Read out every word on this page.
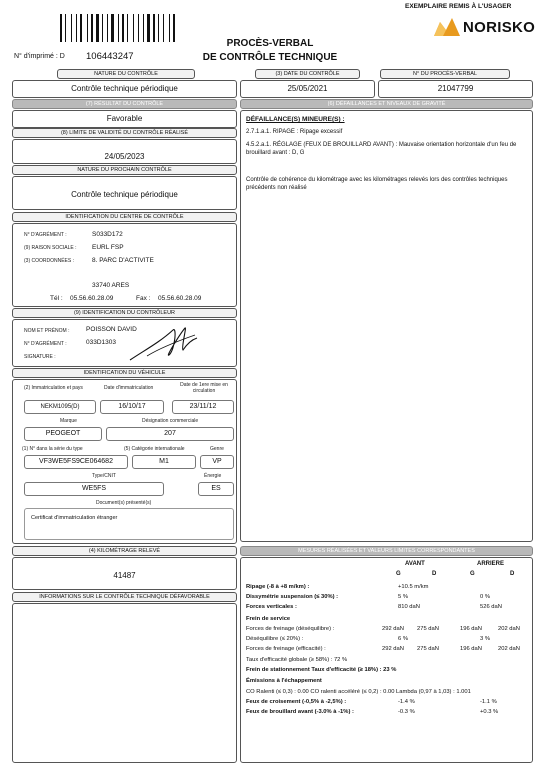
EXEMPLAIRE REMIS À L'USAGER
NORISKO
PROCÈS-VERBAL
DE CONTRÔLE TECHNIQUE
N° d'imprimé : D 106443247
NATURE DU CONTRÔLE
Contrôle technique périodique
(3) DATE DU CONTRÔLE
25/05/2021
N° DU PROCÈS-VERBAL
21047799
(7) RÉSULTAT DU CONTRÔLE
Favorable
(8) LIMITE DE VALIDITÉ DU CONTRÔLE RÉALISÉ
24/05/2023
NATURE DU PROCHAIN CONTRÔLE
Contrôle technique périodique
(6) DÉFAILLANCES ET NIVEAUX DE GRAVITÉ
DÉFAILLANCE(S) MINEURE(S) :
2.7.1.a.1. RIPAGE : Ripage excessif
4.5.2.a.1. RÉGLAGE (FEUX DE BROUILLARD AVANT) : Mauvaise orientation horizontale d'un feu de brouillard avant : D, G
Contrôle de cohérence du kilométrage avec les kilométrages relevés lors des contrôles techniques précédents non réalisé
IDENTIFICATION DU CENTRE DE CONTRÔLE
N° D'AGRÉMENT :	S033D172
(9) RAISON SOCIALE : EURL FSP
(3) COORDONNÉES :	8. PARC D'ACTIVITE
33740 ARES
Tél : 05.56.60.28.09	Fax : 05.56.60.28.09
(9) IDENTIFICATION DU CONTRÔLEUR
NOM ET PRÉNOM :	POISSON DAVID
N° D'AGRÉMENT :	033D1303
SIGNATURE :
IDENTIFICATION DU VÉHICULE
(2) Immatriculation et pays	Date d'immatriculation	Date de 1ere mise en circulation
NEKM1095(D)	16/10/17	23/11/12
Marque	Désignation commerciale
PEOGEOT	207
(1) N° dans la série du type	(5) Catégorie internationale	Genre
VF3WE5FS9CE064682	M1	VP
Type/CNIT	Énergie
WE5FS	ES
Document(s) présenté(s)
Certificat d'immatriculation étranger
(4) KILOMÉTRAGE RELEVÉ
41487
INFORMATIONS SUR LE CONTRÔLE TECHNIQUE DÉFAVORABLE
MESURES RÉALISÉES ET VALEURS LIMITES CORRESPONDANTES
AVANT	ARRIERE
G	D	G	D
Ripage (-8 à +8 m/km) :	+10.5 m/km
Dissymétrie suspension (≤ 30%) :	5 %	0 %
Forces verticales :	810 daN	526 daN
Frein de service
Forces de freinage (déséquilibre) :	292 daN 275 daN	196 daN	202 daN
Déséquilibre (≤ 20%) :	6 %	3 %
Forces de freinage (efficacité) :	292 daN 275 daN	196 daN	202 daN
Taux d'efficacité globale (≥ 58%) : 72 %
Frein de stationnement Taux d'efficacité (≥ 18%) : 23 %
Émissions à l'échappement
CO Ralenti (≤ 0,3) : 0.00 CO ralenti accéléré (≤ 0,2) : 0.00 Lambda (0,97 à 1,03) : 1.001
Feux de croisement (-0,5% à -2,5%) :	-1.4 %	-1.1 %
Feux de brouillard avant (-3.0% à -1%) :	-0.3 %	+0.3 %
